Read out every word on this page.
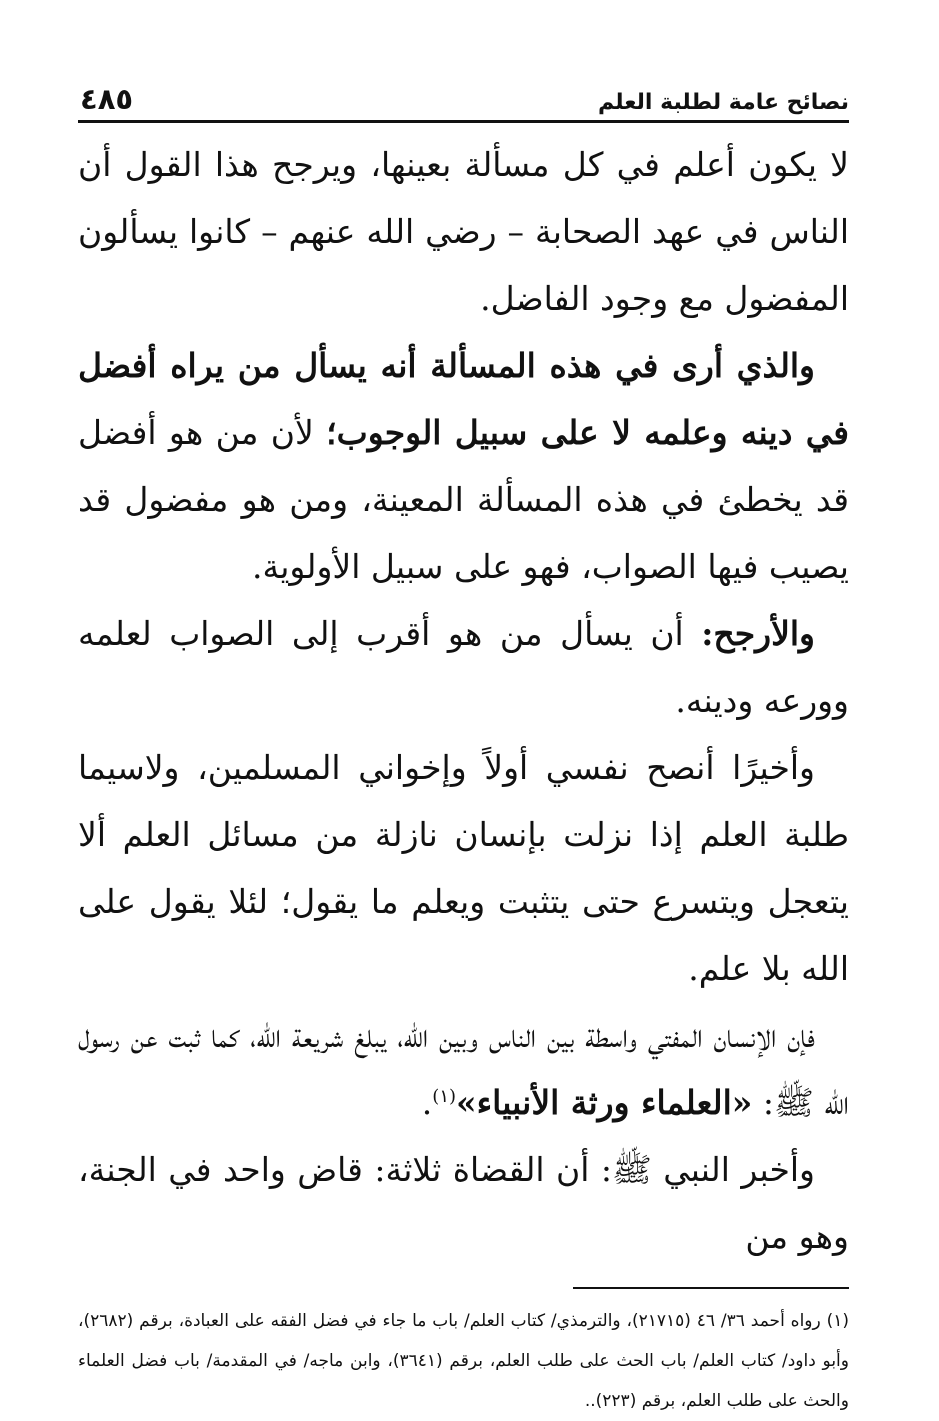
نصائح عامة لطلبة العلم
٤٨٥

لا يكون أعلم في كل مسألة بعينها، ويرجح هذا القول أن الناس في عهد الصحابة – رضي الله عنهم – كانوا يسألون المفضول مع وجود الفاضل.

والذي أرى في هذه المسألة أنه يسأل من يراه أفضل في دينه وعلمه لا على سبيل الوجوب؛ لأن من هو أفضل قد يخطئ في هذه المسألة المعينة، ومن هو مفضول قد يصيب فيها الصواب، فهو على سبيل الأولوية.

والأرجح: أن يسأل من هو أقرب إلى الصواب لعلمه وورعه ودينه.

وأخيرًا أنصح نفسي أولاً وإخواني المسلمين، ولاسيما طلبة العلم إذا نزلت بإنسان نازلة من مسائل العلم ألا يتعجل ويتسرع حتى يتثبت ويعلم ما يقول؛ لئلا يقول على الله بلا علم.

فإن الإنسان المفتي واسطة بين الناس وبين الله، يبلغ شريعة الله، كما ثبت عن رسول الله ﷺ: «العلماء ورثة الأنبياء»$^{(١)}$.

وأخبر النبي ﷺ: أن القضاة ثلاثة: قاض واحد في الجنة، وهو من

(١) رواه أحمد ٣٦/ ٤٦ (٢١٧١٥)، والترمذي/ كتاب العلم/ باب ما جاء في فضل الفقه على العبادة، برقم (٢٦٨٢)، وأبو داود/ كتاب العلم/ باب الحث على طلب العلم، برقم (٣٦٤١)، وابن ماجه/ في المقدمة/ باب فضل العلماء والحث على طلب العلم، برقم (٢٢٣)..
